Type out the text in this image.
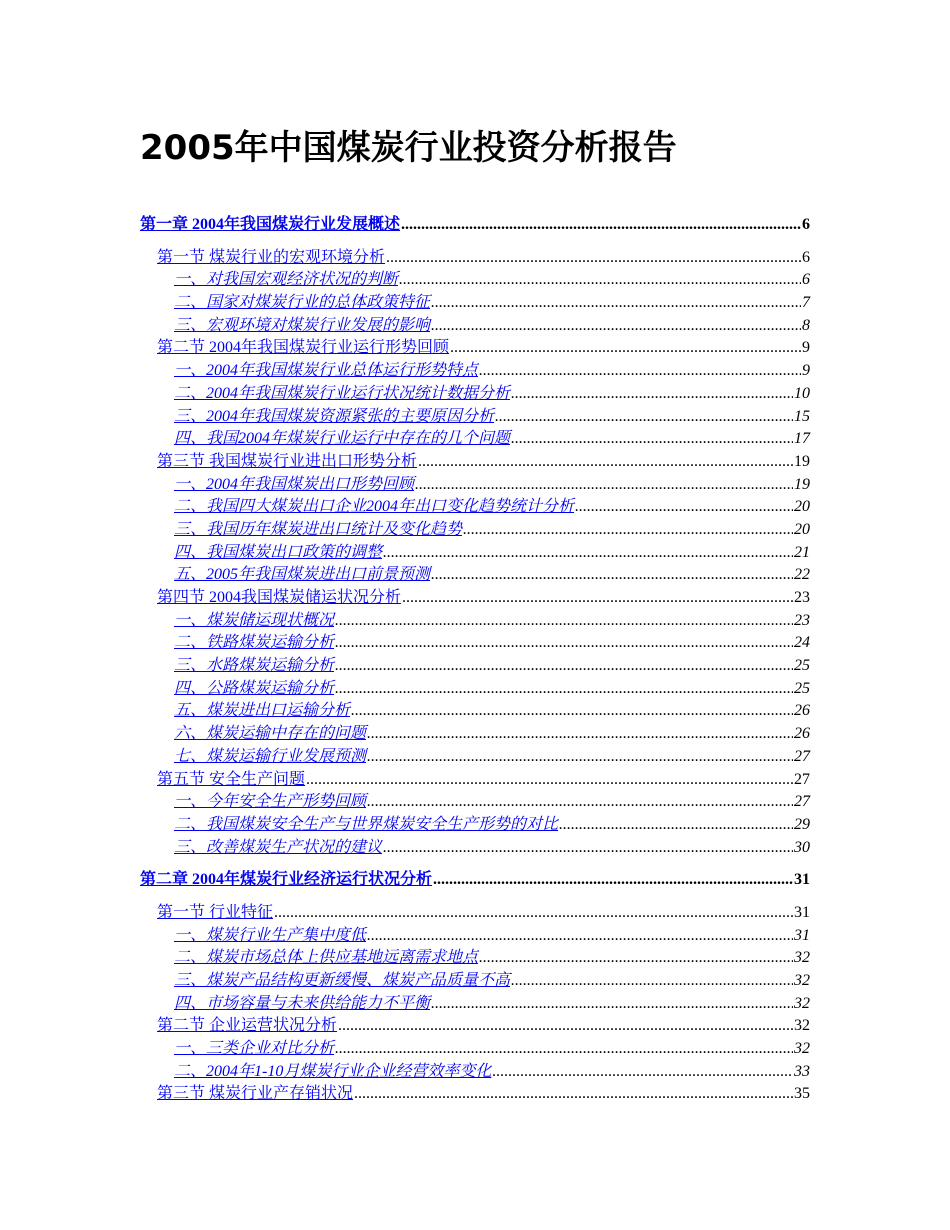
2005年中国煤炭行业投资分析报告
第一章 2004年我国煤炭行业发展概述 .....	6
第一节 煤炭行业的宏观环境分析 .....	6
一、对我国宏观经济状况的判断 .....	6
二、国家对煤炭行业的总体政策特征 .....	7
三、宏观环境对煤炭行业发展的影响 .....	8
第二节 2004年我国煤炭行业运行形势回顾 .....	9
一、2004年我国煤炭行业总体运行形势特点 .....	9
二、2004年我国煤炭行业运行状况统计数据分析 .....	10
三、2004年我国煤炭资源紧张的主要原因分析 .....	15
四、我国2004年煤炭行业运行中存在的几个问题 .....	17
第三节 我国煤炭行业进出口形势分析 .....	19
一、2004年我国煤炭出口形势回顾 .....	19
二、我国四大煤炭出口企业2004年出口变化趋势统计分析 .....	20
三、我国历年煤炭进出口统计及变化趋势 .....	20
四、我国煤炭出口政策的调整 .....	21
五、2005年我国煤炭进出口前景预测 .....	22
第四节 2004我国煤炭储运状况分析 .....	23
一、煤炭储运现状概况 .....	23
二、铁路煤炭运输分析 .....	24
三、水路煤炭运输分析 .....	25
四、公路煤炭运输分析 .....	25
五、煤炭进出口运输分析 .....	26
六、煤炭运输中存在的问题 .....	26
七、煤炭运输行业发展预测 .....	27
第五节 安全生产问题 .....	27
一、今年安全生产形势回顾 .....	27
二、我国煤炭安全生产与世界煤炭安全生产形势的对比 .....	29
三、改善煤炭生产状况的建议 .....	30
第二章 2004年煤炭行业经济运行状况分析 .....	31
第一节 行业特征 .....	31
一、煤炭行业生产集中度低 .....	31
二、煤炭市场总体上供应基地远离需求地点 .....	32
三、煤炭产品结构更新缓慢、煤炭产品质量不高 .....	32
四、市场容量与未来供给能力不平衡 .....	32
第二节 企业运营状况分析 .....	32
一、三类企业对比分析 .....	32
二、2004年1-10月煤炭行业企业经营效率变化 .....	33
第三节 煤炭行业产存销状况 .....	35
